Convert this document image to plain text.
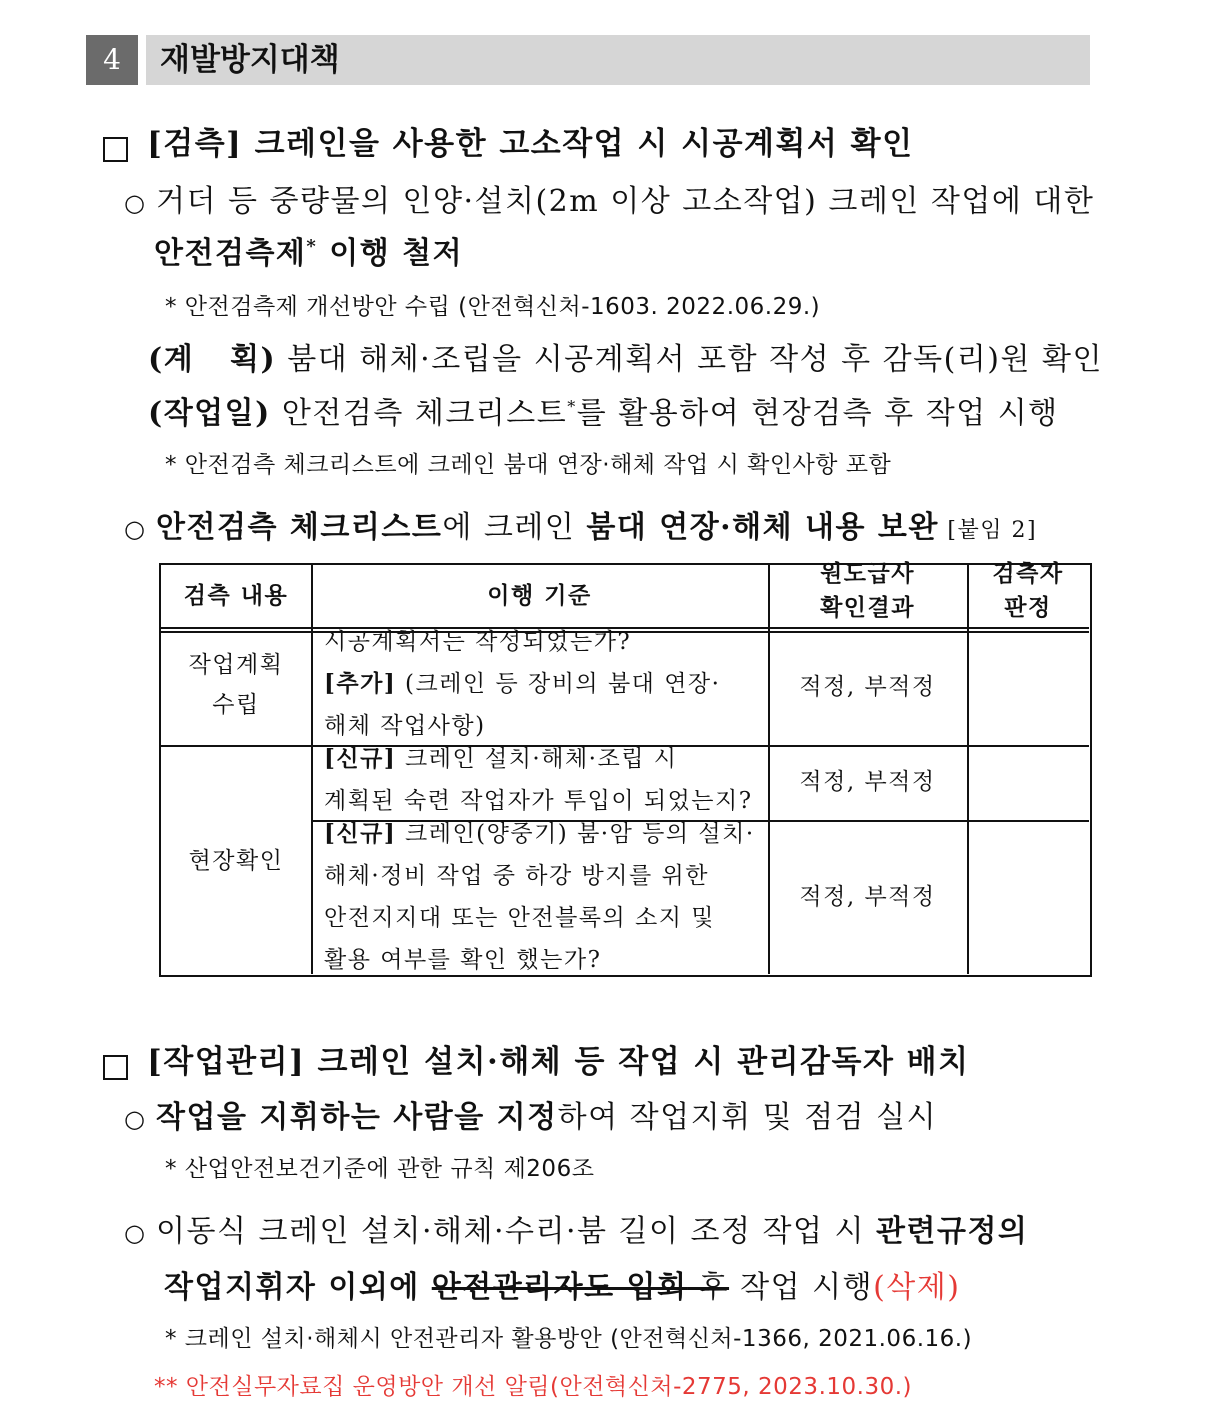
4	재발방지대책
[검측] 크레인을 사용한 고소작업 시 시공계획서 확인
○ 거더 등 중량물의 인양·설치(2m 이상 고소작업) 크레인 작업에 대한
안전검측제* 이행 철저
* 안전검측제 개선방안 수립 (안전혁신처-1603. 2022.06.29.)
(계   획) 붐대 해체·조립을 시공계획서 포함 작성 후 감독(리)원 확인
(작업일) 안전검측 체크리스트*를 활용하여 현장검측 후 작업 시행
* 안전검측 체크리스트에 크레인 붐대 연장·해체 작업 시 확인사항 포함
○ 안전검측 체크리스트에 크레인 붐대 연장·해체 내용 보완 [붙임 2]
검측 내용	이행 기준
원도급사
확인결과
검측자
판정
작업계획
수립
시공계획서는 작성되었는가?
[추가] (크레인 등 장비의 붐대 연장·
해체 작업사항)
적정, 부적정
현장확인
[신규] 크레인 설치·해체·조립 시
계획된 숙련 작업자가 투입이 되었는지?
적정, 부적정
[신규] 크레인(양중기) 붐·암 등의 설치·
해체·정비 작업 중 하강 방지를 위한
안전지지대 또는 안전블록의 소지 및
활용 여부를 확인 했는가?
적정, 부적정
[작업관리] 크레인 설치·해체 등 작업 시 관리감독자 배치
○ 작업을 지휘하는 사람을 지정하여 작업지휘 및 점검 실시
* 산업안전보건기준에 관한 규칙 제206조
○ 이동식 크레인 설치·해체·수리·붐 길이 조정 작업 시 관련규정의
작업지휘자 이외에 안전관리자도 입회 후 작업 시행(삭제)
* 크레인 설치·해체시 안전관리자 활용방안 (안전혁신처-1366, 2021.06.16.)
** 안전실무자료집 운영방안 개선 알림(안전혁신처-2775, 2023.10.30.)
